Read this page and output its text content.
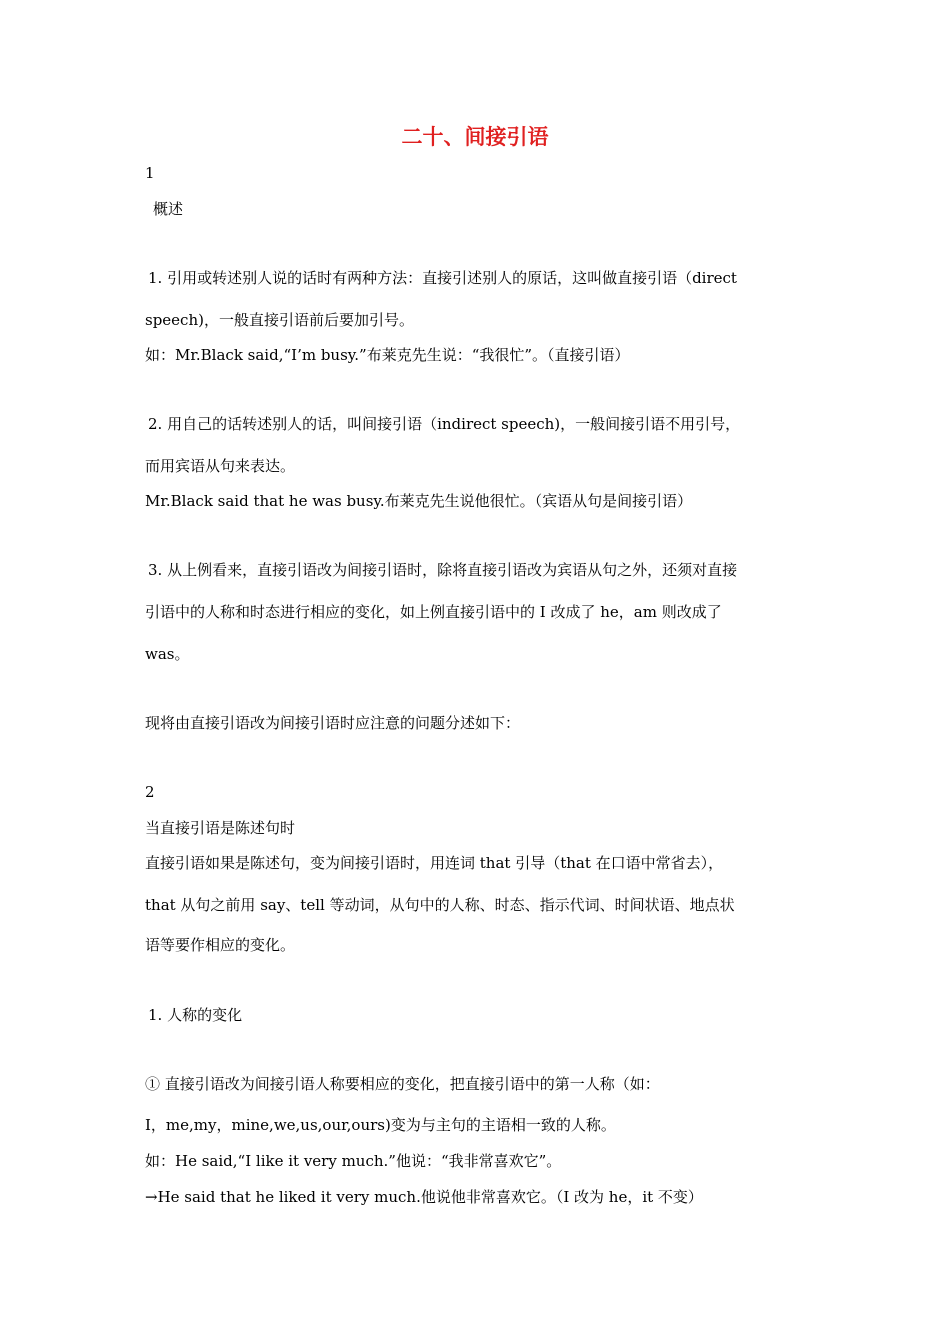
二十、间接引语

1

概述

1. 引用或转述别人说的话时有两种方法：直接引述别人的原话，这叫做直接引语（direct

speech)，一般直接引语前后要加引号。

如：Mr.Black said,“I’m busy.”布莱克先生说：“我很忙”。（直接引语）

2. 用自己的话转述别人的话，叫间接引语（indirect speech)，一般间接引语不用引号，

而用宾语从句来表达。

Mr.Black said that he was busy.布莱克先生说他很忙。（宾语从句是间接引语）

3. 从上例看来，直接引语改为间接引语时，除将直接引语改为宾语从句之外，还须对直接

引语中的人称和时态进行相应的变化，如上例直接引语中的 I 改成了 he，am 则改成了

was。

现将由直接引语改为间接引语时应注意的问题分述如下：

2

当直接引语是陈述句时

直接引语如果是陈述句，变为间接引语时，用连词 that 引导（that 在口语中常省去），

that 从句之前用 say、tell 等动词，从句中的人称、时态、指示代词、时间状语、地点状

语等要作相应的变化。

1. 人称的变化

① 直接引语改为间接引语人称要相应的变化，把直接引语中的第一人称（如：

I，me,my，mine,we,us,our,ours)变为与主句的主语相一致的人称。

如：He said,“I like it very much.”他说：“我非常喜欢它”。

→He said that he liked it very much.他说他非常喜欢它。（I 改为 he，it 不变）
